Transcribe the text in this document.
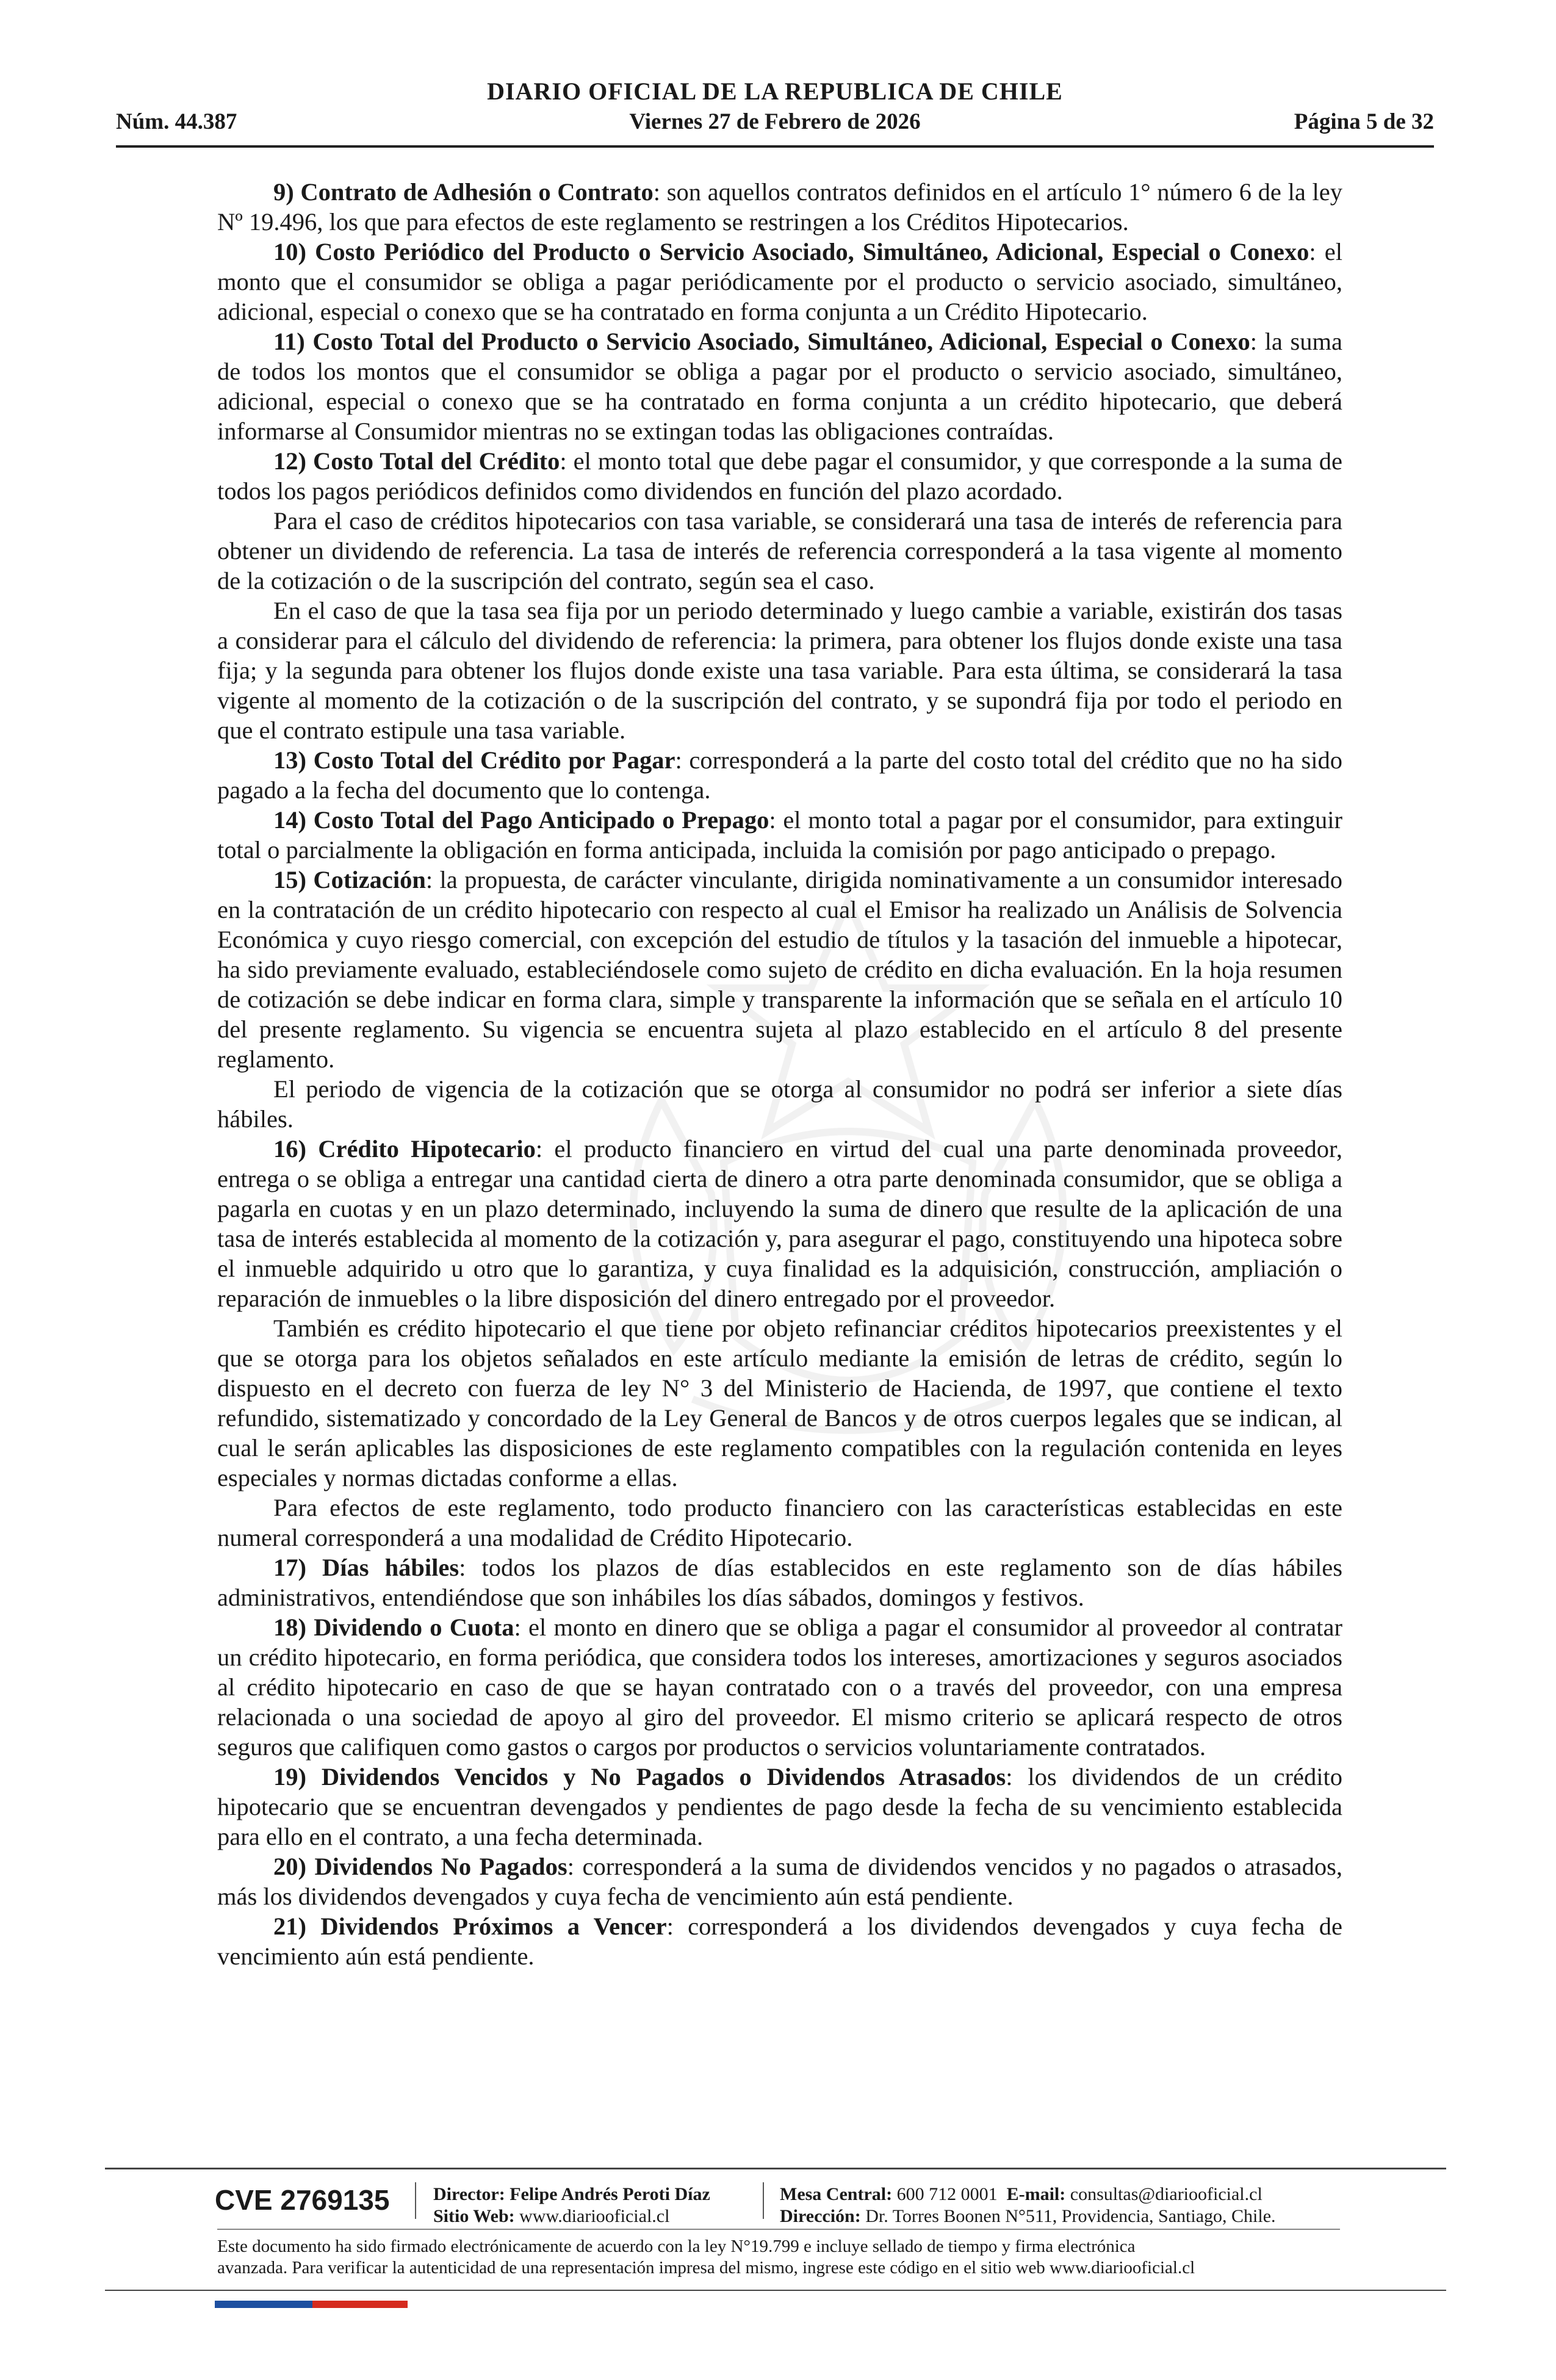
DIARIO OFICIAL DE LA REPUBLICA DE CHILE
Núm. 44.387	Viernes 27 de Febrero de 2026	Página 5 de 32

9) Contrato de Adhesión o Contrato: son aquellos contratos definidos en el artículo 1° número 6 de la ley Nº 19.496, los que para efectos de este reglamento se restringen a los Créditos Hipotecarios.

10) Costo Periódico del Producto o Servicio Asociado, Simultáneo, Adicional, Especial o Conexo: el monto que el consumidor se obliga a pagar periódicamente por el producto o servicio asociado, simultáneo, adicional, especial o conexo que se ha contratado en forma conjunta a un Crédito Hipotecario.

11) Costo Total del Producto o Servicio Asociado, Simultáneo, Adicional, Especial o Conexo: la suma de todos los montos que el consumidor se obliga a pagar por el producto o servicio asociado, simultáneo, adicional, especial o conexo que se ha contratado en forma conjunta a un crédito hipotecario, que deberá informarse al Consumidor mientras no se extingan todas las obligaciones contraídas.

12) Costo Total del Crédito: el monto total que debe pagar el consumidor, y que corresponde a la suma de todos los pagos periódicos definidos como dividendos en función del plazo acordado.

Para el caso de créditos hipotecarios con tasa variable, se considerará una tasa de interés de referencia para obtener un dividendo de referencia. La tasa de interés de referencia corresponderá a la tasa vigente al momento de la cotización o de la suscripción del contrato, según sea el caso.

En el caso de que la tasa sea fija por un periodo determinado y luego cambie a variable, existirán dos tasas a considerar para el cálculo del dividendo de referencia: la primera, para obtener los flujos donde existe una tasa fija; y la segunda para obtener los flujos donde existe una tasa variable. Para esta última, se considerará la tasa vigente al momento de la cotización o de la suscripción del contrato, y se supondrá fija por todo el periodo en que el contrato estipule una tasa variable.

13) Costo Total del Crédito por Pagar: corresponderá a la parte del costo total del crédito que no ha sido pagado a la fecha del documento que lo contenga.

14) Costo Total del Pago Anticipado o Prepago: el monto total a pagar por el consumidor, para extinguir total o parcialmente la obligación en forma anticipada, incluida la comisión por pago anticipado o prepago.

15) Cotización: la propuesta, de carácter vinculante, dirigida nominativamente a un consumidor interesado en la contratación de un crédito hipotecario con respecto al cual el Emisor ha realizado un Análisis de Solvencia Económica y cuyo riesgo comercial, con excepción del estudio de títulos y la tasación del inmueble a hipotecar, ha sido previamente evaluado, estableciéndosele como sujeto de crédito en dicha evaluación. En la hoja resumen de cotización se debe indicar en forma clara, simple y transparente la información que se señala en el artículo 10 del presente reglamento. Su vigencia se encuentra sujeta al plazo establecido en el artículo 8 del presente reglamento.

El periodo de vigencia de la cotización que se otorga al consumidor no podrá ser inferior a siete días hábiles.

16) Crédito Hipotecario: el producto financiero en virtud del cual una parte denominada proveedor, entrega o se obliga a entregar una cantidad cierta de dinero a otra parte denominada consumidor, que se obliga a pagarla en cuotas y en un plazo determinado, incluyendo la suma de dinero que resulte de la aplicación de una tasa de interés establecida al momento de la cotización y, para asegurar el pago, constituyendo una hipoteca sobre el inmueble adquirido u otro que lo garantiza, y cuya finalidad es la adquisición, construcción, ampliación o reparación de inmuebles o la libre disposición del dinero entregado por el proveedor.

También es crédito hipotecario el que tiene por objeto refinanciar créditos hipotecarios preexistentes y el que se otorga para los objetos señalados en este artículo mediante la emisión de letras de crédito, según lo dispuesto en el decreto con fuerza de ley N° 3 del Ministerio de Hacienda, de 1997, que contiene el texto refundido, sistematizado y concordado de la Ley General de Bancos y de otros cuerpos legales que se indican, al cual le serán aplicables las disposiciones de este reglamento compatibles con la regulación contenida en leyes especiales y normas dictadas conforme a ellas.

Para efectos de este reglamento, todo producto financiero con las características establecidas en este numeral corresponderá a una modalidad de Crédito Hipotecario.

17) Días hábiles: todos los plazos de días establecidos en este reglamento son de días hábiles administrativos, entendiéndose que son inhábiles los días sábados, domingos y festivos.

18) Dividendo o Cuota: el monto en dinero que se obliga a pagar el consumidor al proveedor al contratar un crédito hipotecario, en forma periódica, que considera todos los intereses, amortizaciones y seguros asociados al crédito hipotecario en caso de que se hayan contratado con o a través del proveedor, con una empresa relacionada o una sociedad de apoyo al giro del proveedor. El mismo criterio se aplicará respecto de otros seguros que califiquen como gastos o cargos por productos o servicios voluntariamente contratados.

19) Dividendos Vencidos y No Pagados o Dividendos Atrasados: los dividendos de un crédito hipotecario que se encuentran devengados y pendientes de pago desde la fecha de su vencimiento establecida para ello en el contrato, a una fecha determinada.

20) Dividendos No Pagados: corresponderá a la suma de dividendos vencidos y no pagados o atrasados, más los dividendos devengados y cuya fecha de vencimiento aún está pendiente.

21) Dividendos Próximos a Vencer: corresponderá a los dividendos devengados y cuya fecha de vencimiento aún está pendiente.

CVE 2769135 Director: Felipe Andrés Peroti Díaz
Sitio Web: www.diariooficial.cl
Mesa Central: 600 712 0001 E-mail: consultas@diariooficial.cl
Dirección: Dr. Torres Boonen N°511, Providencia, Santiago, Chile.
Este documento ha sido firmado electrónicamente de acuerdo con la ley N°19.799 e incluye sellado de tiempo y firma electrónica
avanzada. Para verificar la autenticidad de una representación impresa del mismo, ingrese este código en el sitio web www.diariooficial.cl
